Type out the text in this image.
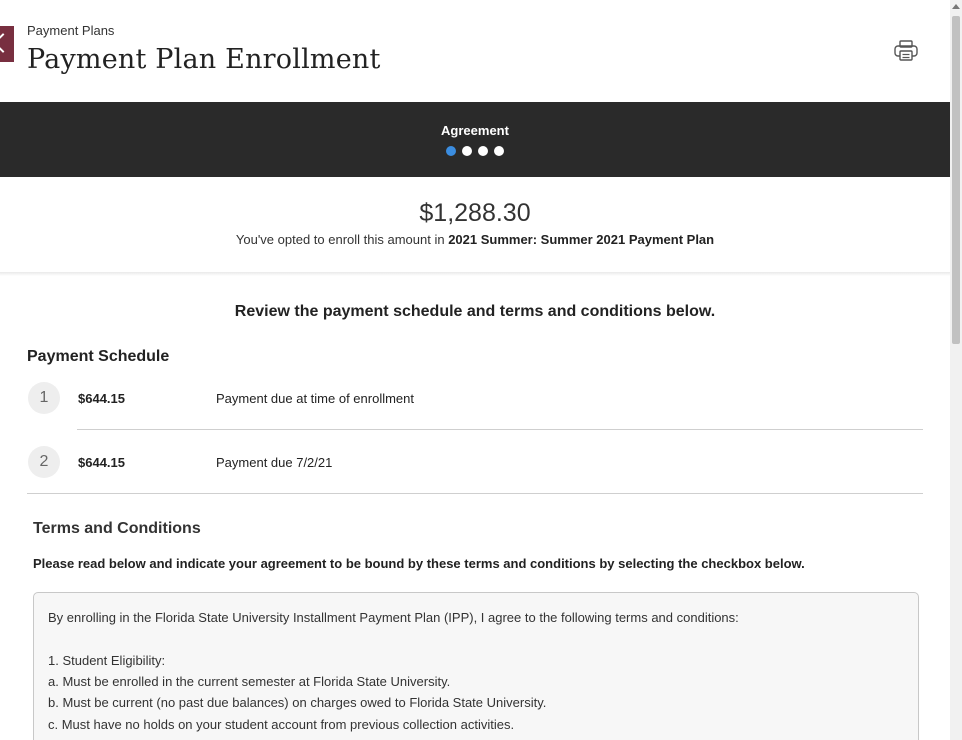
Payment Plans
Payment Plan Enrollment
Agreement
$1,288.30
You've opted to enroll this amount in 2021 Summer: Summer 2021 Payment Plan
Review the payment schedule and terms and conditions below.
Payment Schedule
1	$644.15	Payment due at time of enrollment
2	$644.15	Payment due 7/2/21
Terms and Conditions
Please read below and indicate your agreement to be bound by these terms and conditions by selecting the checkbox below.
By enrolling in the Florida State University Installment Payment Plan (IPP), I agree to the following terms and conditions:
1. Student Eligibility:
a. Must be enrolled in the current semester at Florida State University.
b. Must be current (no past due balances) on charges owed to Florida State University.
c. Must have no holds on your student account from previous collection activities.
